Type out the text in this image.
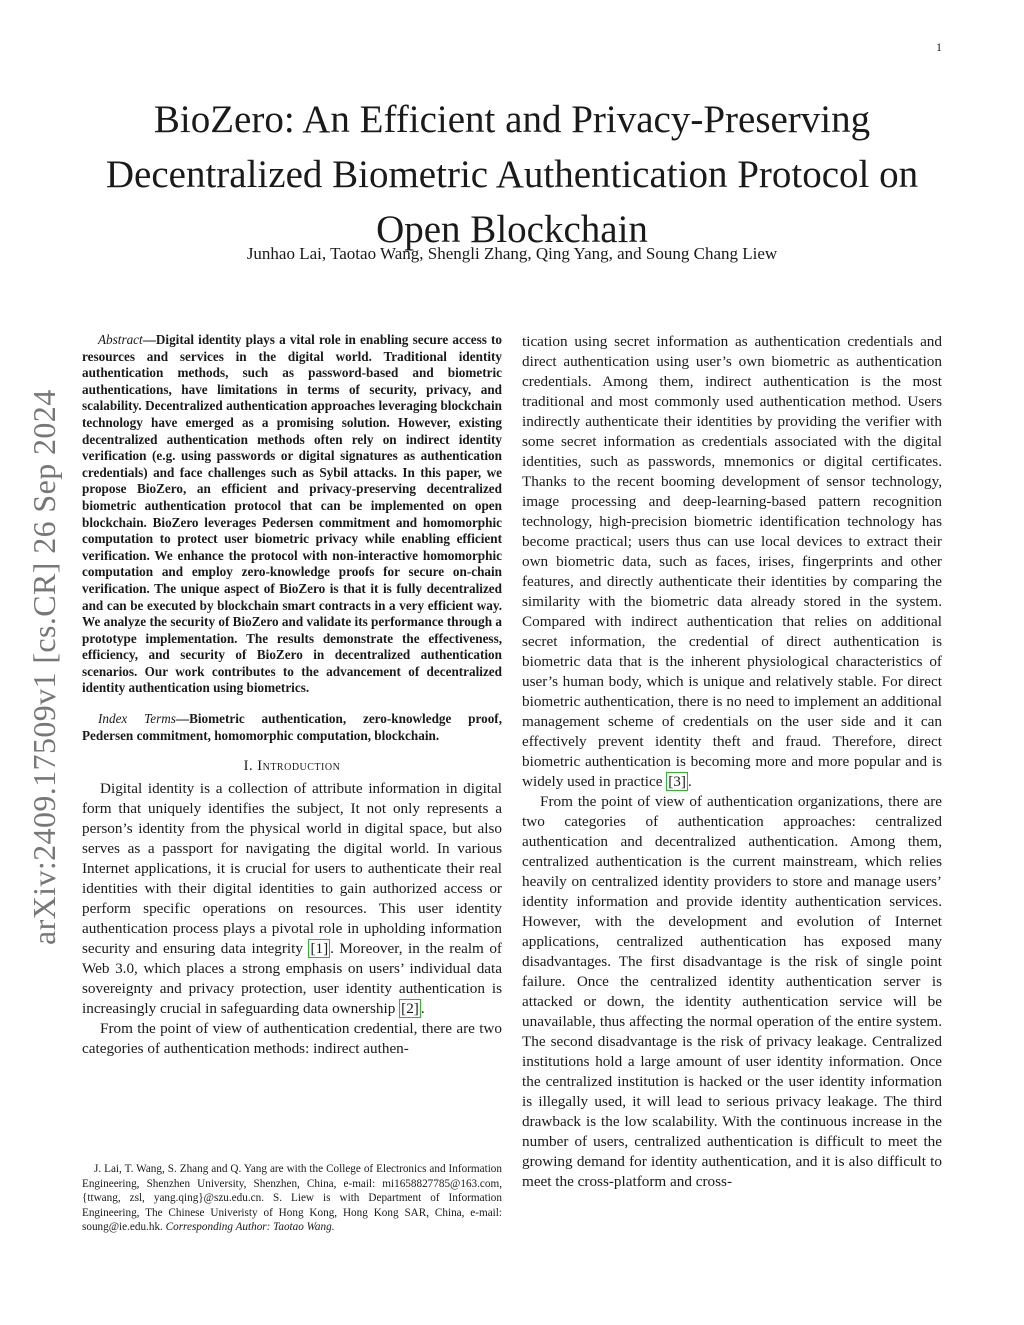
1
BioZero: An Efficient and Privacy-Preserving Decentralized Biometric Authentication Protocol on Open Blockchain
Junhao Lai, Taotao Wang, Shengli Zhang, Qing Yang, and Soung Chang Liew
arXiv:2409.17509v1 [cs.CR] 26 Sep 2024

Abstract—Digital identity plays a vital role in enabling secure access to resources and services in the digital world. Traditional identity authentication methods, such as password-based and biometric authentications, have limitations in terms of security, privacy, and scalability. Decentralized authentication approaches leveraging blockchain technology have emerged as a promising solution. However, existing decentralized authentication methods often rely on indirect identity verification (e.g. using passwords or digital signatures as authentication credentials) and face challenges such as Sybil attacks. In this paper, we propose BioZero, an efficient and privacy-preserving decentralized biometric authentication protocol that can be implemented on open blockchain. BioZero leverages Pedersen commitment and homomorphic computation to protect user biometric privacy while enabling efficient verification. We enhance the protocol with non-interactive homomorphic computation and employ zero-knowledge proofs for secure on-chain verification. The unique aspect of BioZero is that it is fully decentralized and can be executed by blockchain smart contracts in a very efficient way. We analyze the security of BioZero and validate its performance through a prototype implementation. The results demonstrate the effectiveness, efficiency, and security of BioZero in decentralized authentication scenarios. Our work contributes to the advancement of decentralized identity authentication using biometrics.

Index Terms—Biometric authentication, zero-knowledge proof, Pedersen commitment, homomorphic computation, blockchain.

I. Introduction

Digital identity is a collection of attribute information in digital form that uniquely identifies the subject, It not only represents a person’s identity from the physical world in digital space, but also serves as a passport for navigating the digital world. In various Internet applications, it is crucial for users to authenticate their real identities with their digital identities to gain authorized access or perform specific operations on resources. This user identity authentication process plays a pivotal role in upholding information security and ensuring data integrity [1] . Moreover, in the realm of Web 3.0, which places a strong emphasis on users’ individual data sovereignty and privacy protection, user identity authentication is increasingly crucial in safeguarding data ownership [2] .

From the point of view of authentication credential, there are two categories of authentication methods: indirect authen-

tication using secret information as authentication credentials and direct authentication using user’s own biometric as authentication credentials. Among them, indirect authentication is the most traditional and most commonly used authentication method. Users indirectly authenticate their identities by providing the verifier with some secret information as credentials associated with the digital identities, such as passwords, mnemonics or digital certificates. Thanks to the recent booming development of sensor technology, image processing and deep-learning-based pattern recognition technology, high-precision biometric identification technology has become practical; users thus can use local devices to extract their own biometric data, such as faces, irises, fingerprints and other features, and directly authenticate their identities by comparing the similarity with the biometric data already stored in the system. Compared with indirect authentication that relies on additional secret information, the credential of direct authentication is biometric data that is the inherent physiological characteristics of user’s human body, which is unique and relatively stable. For direct biometric authentication, there is no need to implement an additional management scheme of credentials on the user side and it can effectively prevent identity theft and fraud. Therefore, direct biometric authentication is becoming more and more popular and is widely used in practice [3] .

From the point of view of authentication organizations, there are two categories of authentication approaches: centralized authentication and decentralized authentication. Among them, centralized authentication is the current mainstream, which relies heavily on centralized identity providers to store and manage users’ identity information and provide identity authentication services. However, with the development and evolution of Internet applications, centralized authentication has exposed many disadvantages. The first disadvantage is the risk of single point failure. Once the centralized identity authentication server is attacked or down, the identity authentication service will be unavailable, thus affecting the normal operation of the entire system. The second disadvantage is the risk of privacy leakage. Centralized institutions hold a large amount of user identity information. Once the centralized institution is hacked or the user identity information is illegally used, it will lead to serious privacy leakage. The third drawback is the low scalability. With the continuous increase in the number of users, centralized authentication is difficult to meet the growing demand for identity authentication, and it is also difficult to meet the cross-platform and cross-

J. Lai, T. Wang, S. Zhang and Q. Yang are with the College of Electronics and Information Engineering, Shenzhen University, Shenzhen, China, e-mail: mi1658827785@163.com, {ttwang, zsl, yang.qing}@szu.edu.cn. S. Liew is with Department of Information Engineering, The Chinese Univeristy of Hong Kong, Hong Kong SAR, China, e-mail: soung@ie.edu.hk. Corresponding Author: Taotao Wang.
